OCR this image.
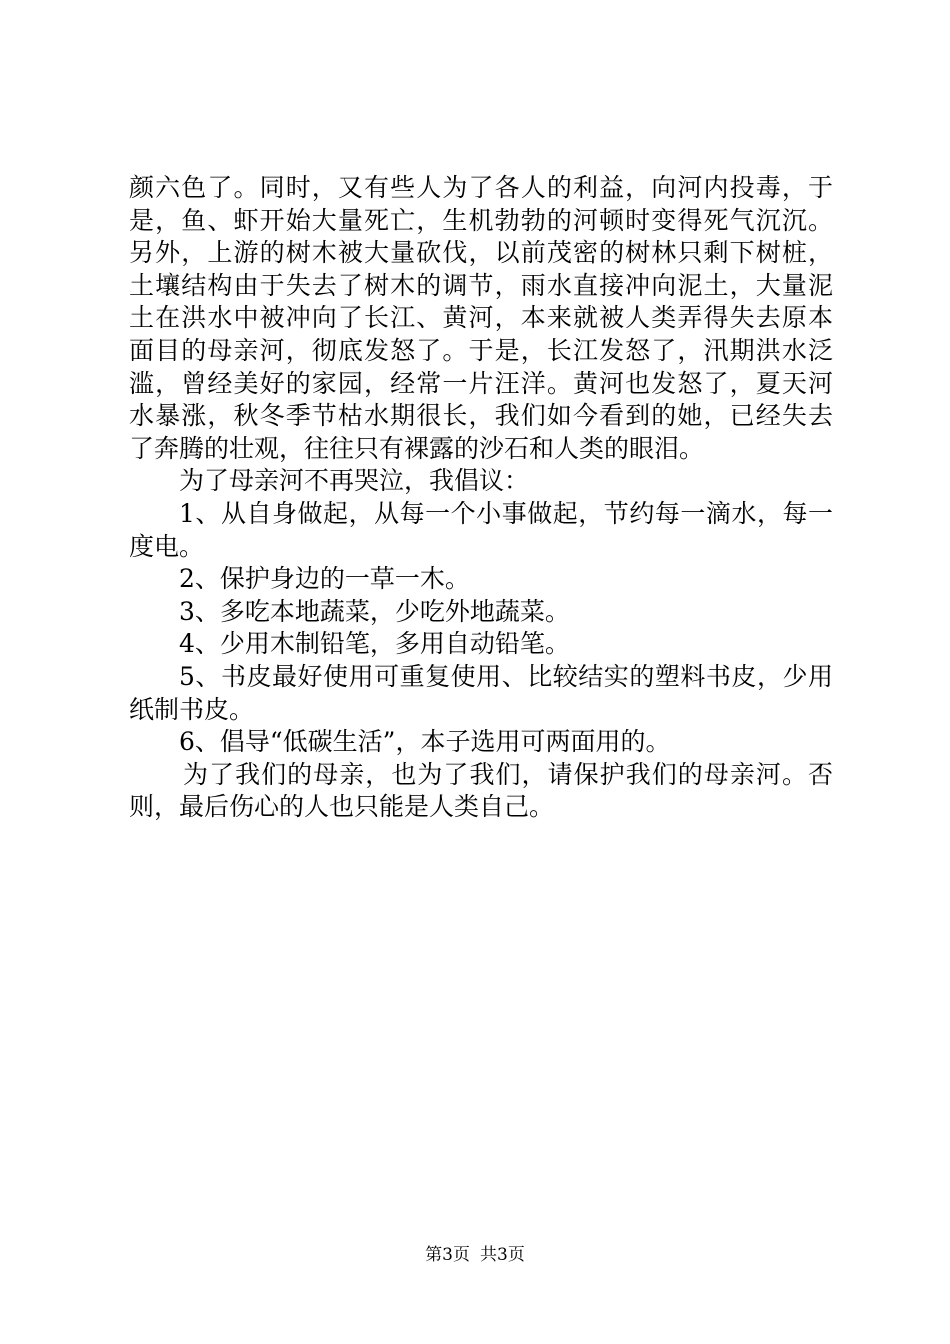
颜六色了。同时，又有些人为了各人的利益，向河内投毒，于
是，鱼、虾开始大量死亡，生机勃勃的河顿时变得死气沉沉。
另外，上游的树木被大量砍伐，以前茂密的树林只剩下树桩，
土壤结构由于失去了树木的调节，雨水直接冲向泥土，大量泥
土在洪水中被冲向了长江、黄河，本来就被人类弄得失去原本
面目的母亲河，彻底发怒了。于是，长江发怒了，汛期洪水泛
滥，曾经美好的家园，经常一片汪洋。黄河也发怒了，夏天河
水暴涨，秋冬季节枯水期很长，我们如今看到的她，已经失去
了奔腾的壮观，往往只有裸露的沙石和人类的眼泪。
为了母亲河不再哭泣，我倡议：
1、从自身做起，从每一个小事做起，节约每一滴水，每一
度电。
2、保护身边的一草一木。
3、多吃本地蔬菜，少吃外地蔬菜。
4、少用木制铅笔，多用自动铅笔。
5、书皮最好使用可重复使用、比较结实的塑料书皮，少用
纸制书皮。
6、倡导“低碳生活”，本子选用可两面用的。
为了我们的母亲，也为了我们，请保护我们的母亲河。否
则，最后伤心的人也只能是人类自己。
第3页 共3页
